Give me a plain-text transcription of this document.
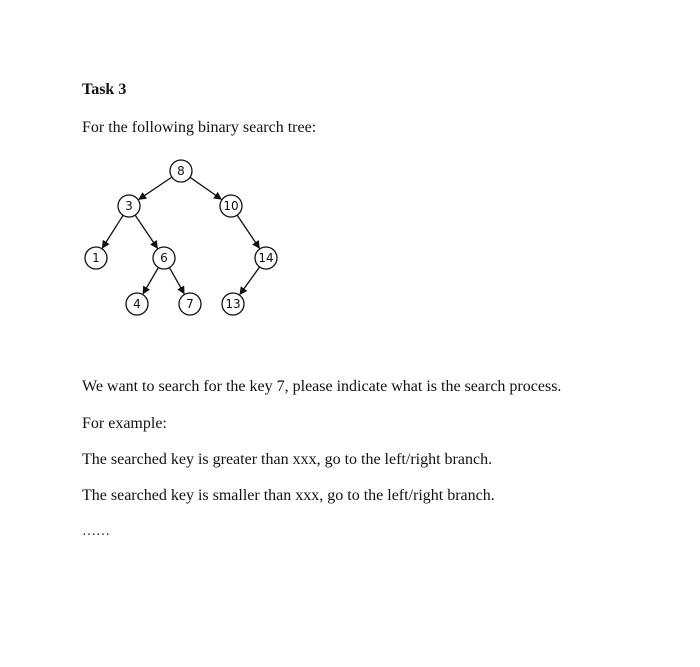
Task 3

For the following binary search tree:

8
3	10
1	6	14
4	7	13

We want to search for the key 7, please indicate what is the search process.

For example:

The searched key is greater than xxx, go to the left/right branch.

The searched key is smaller than xxx, go to the left/right branch.

……
